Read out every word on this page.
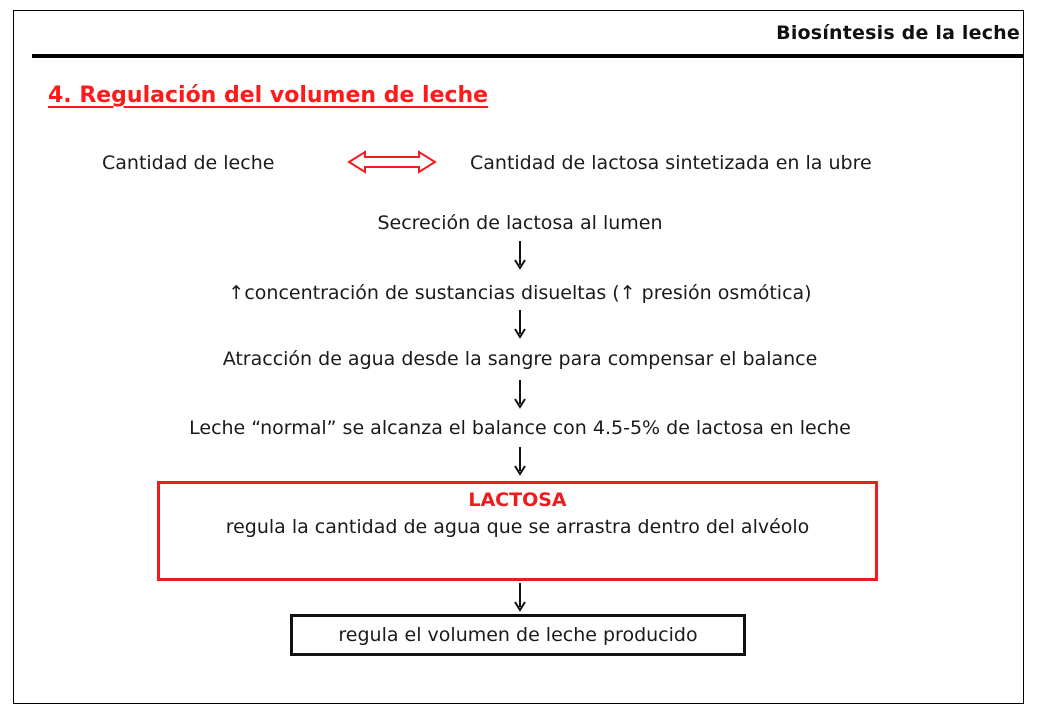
Biosíntesis de la leche
4. Regulación del volumen de leche
Cantidad de leche	Cantidad de lactosa sintetizada en la ubre
Secreción de lactosa al lumen
↑concentración de sustancias disueltas (↑ presión osmótica)
Atracción de agua desde la sangre para compensar el balance
Leche “normal” se alcanza el balance con 4.5-5% de lactosa en leche
LACTOSA
regula la cantidad de agua que se arrastra dentro del alvéolo
regula el volumen de leche producido
